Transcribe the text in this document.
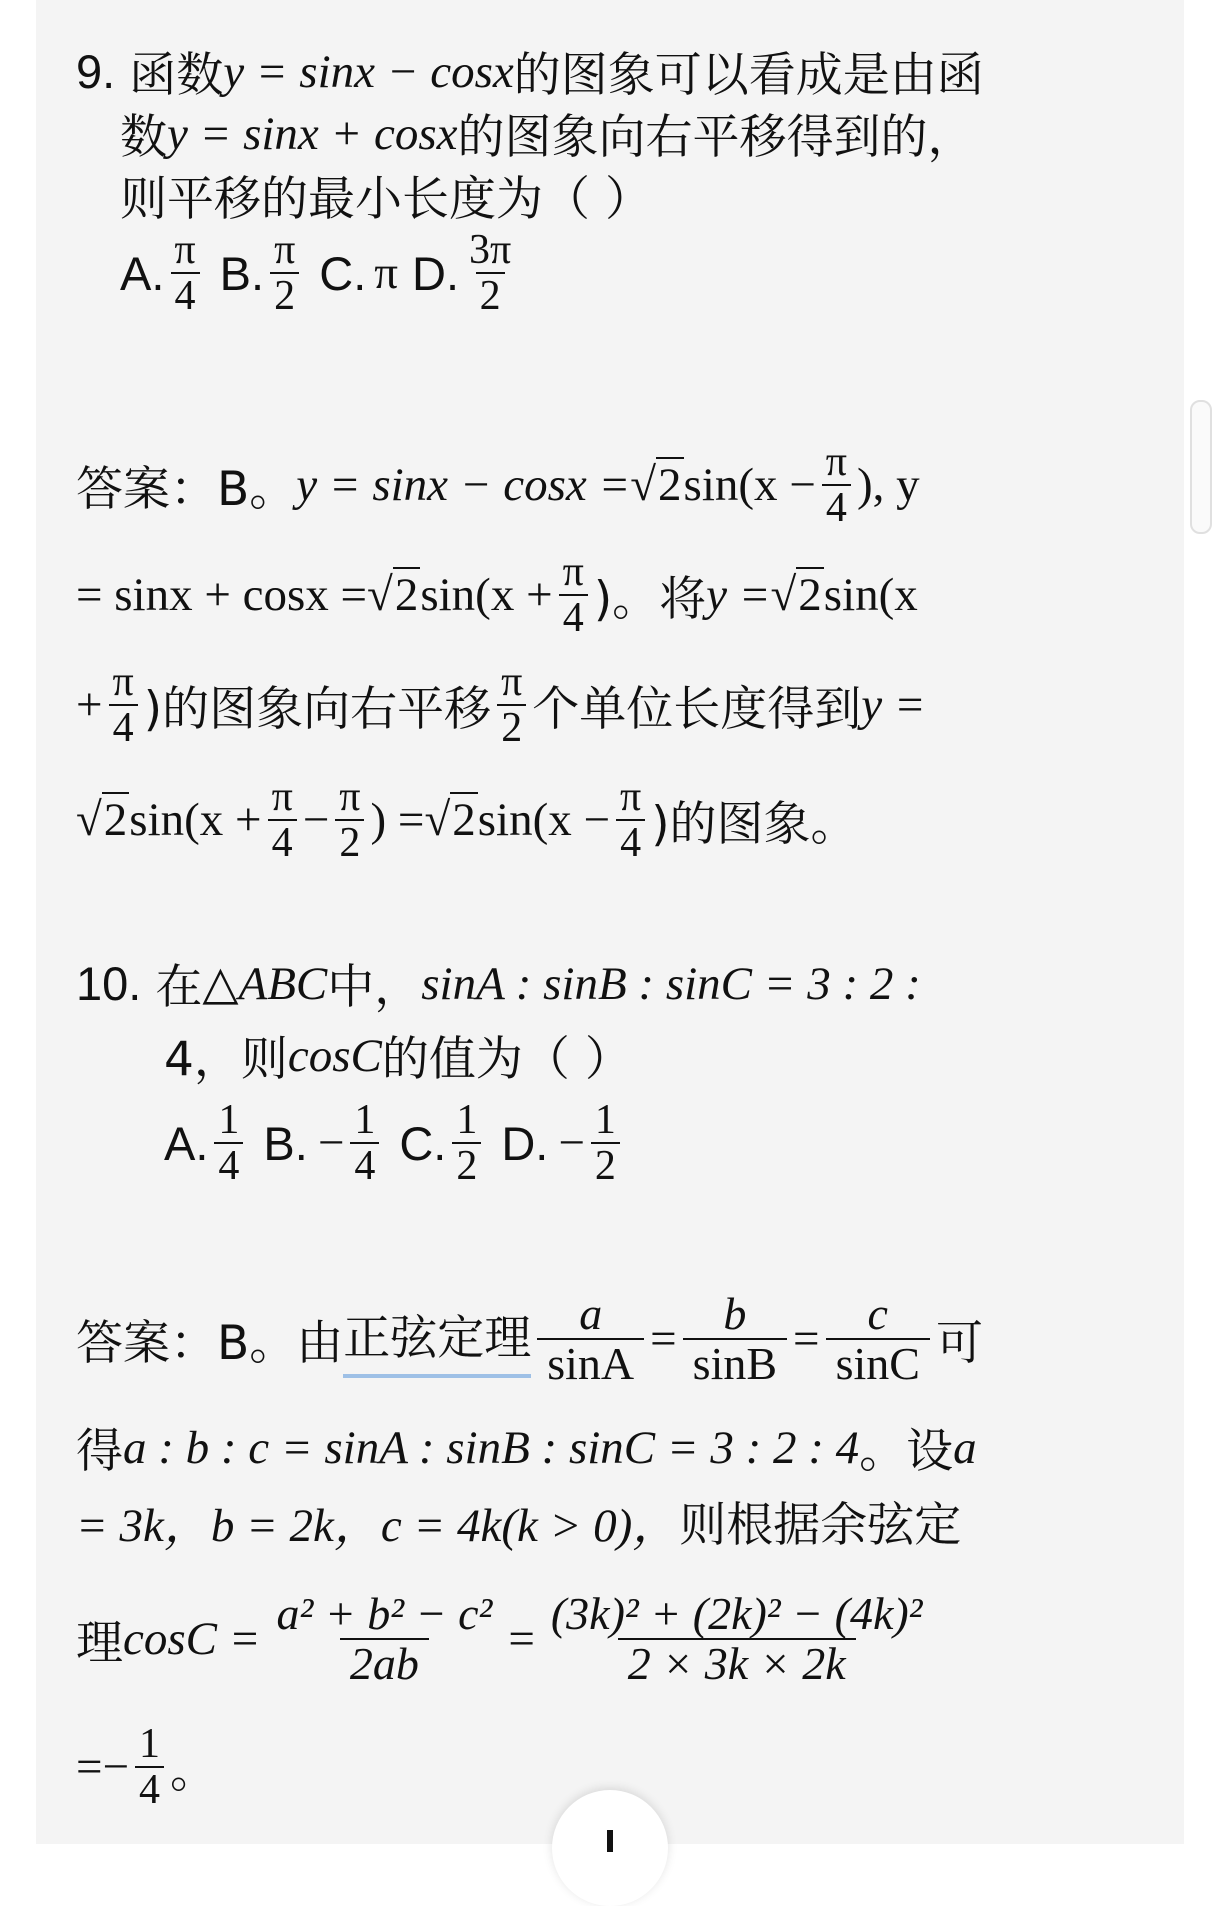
9. 函数 y = sinx − cosx 的图象可以看成是由函
数 y = sinx + cosx 的图象向右平移得到的，
则平移的最小长度为（ ）
A. $\frac{\pi}{4} B$. $\frac{\pi}{2} C$. π D. $\frac{3\pi}{2}$
答案：B。 y = sinx − cosx = √2 $\sin(x - \frac{\pi}{4}$ ), y
= sinx + cosx = √2 $\sin(x + \frac{\pi}{4}$ )。将 y = √2 sin(x
+ $\frac{\pi}{4}$ )的图象向右平移 $\frac{\pi}{2}$ 个单位长度得到 y =
√2 $\sin(x + \frac{\pi}{4} - \frac{\pi}{2}$ ) = √2 $\sin(x - \frac{\pi}{4}$ )的图象。
10. 在 △ABC 中， sinA : sinB : sinC = 3 : 2 :
4，则 cosC 的值为（ ）
A. $\frac{1}{4} B$. − $\frac{1}{4} C$. $\frac{1}{2} D$. − $\frac{1}{2}$
答案：B。由 正弦定理 $\frac{a}{\sin A} = \frac{b}{\sin B} = \frac{c}{\sin C}$ 可
得 a : b : c = sinA : sinB : sinC = 3 : 2 : 4 。设 a
= 3k，b = 2k，c = 4k(k > 0)， 则根据余弦定
理 $\cos C = \frac{\text{a² + b² − c²}}{2ab} = \frac{\text{(3k)² + (2k)² − (4k)²}}{2 \times 3k \times 2k}$
=− $\frac{1}{4}$ 。
